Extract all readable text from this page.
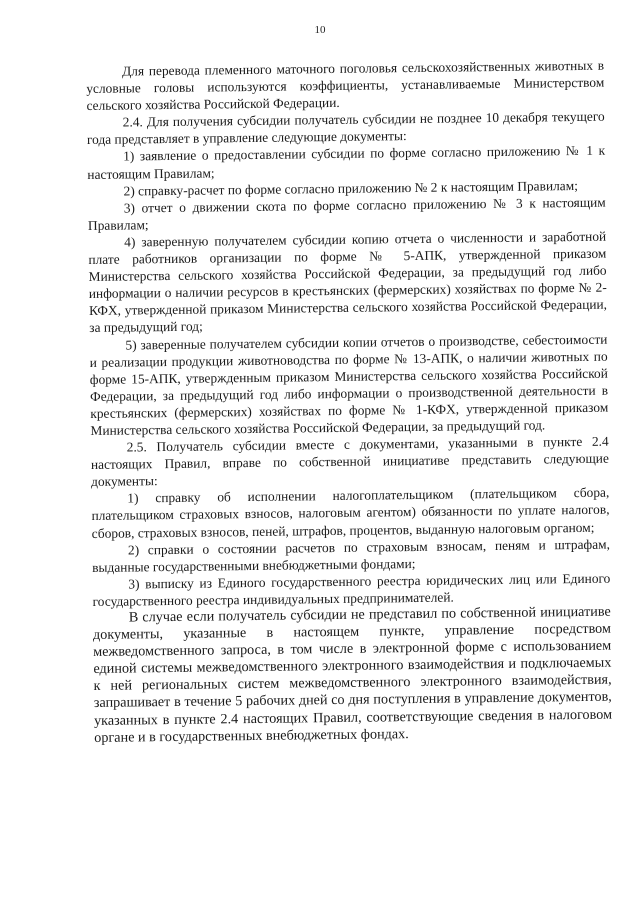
10

Для перевода племенного маточного поголовья сельскохозяйственных животных в условные головы используются коэффициенты, устанавливаемые Министерством сельского хозяйства Российской Федерации.

2.4. Для получения субсидии получатель субсидии не позднее 10 декабря текущего года представляет в управление следующие документы:

1) заявление о предоставлении субсидии по форме согласно приложению № 1 к настоящим Правилам;

2) справку-расчет по форме согласно приложению № 2 к настоящим Правилам;

3) отчет о движении скота по форме согласно приложению № 3 к настоящим Правилам;

4) заверенную получателем субсидии копию отчета о численности и заработной плате работников организации по форме № 5-АПК, утвержденной приказом Министерства сельского хозяйства Российской Федерации, за предыдущий год либо информации о наличии ресурсов в крестьянских (фермерских) хозяйствах по форме № 2-КФХ, утвержденной приказом Министерства сельского хозяйства Российской Федерации, за предыдущий год;

5) заверенные получателем субсидии копии отчетов о производстве, себестоимости и реализации продукции животноводства по форме № 13-АПК, о наличии животных по форме 15-АПК, утвержденным приказом Министерства сельского хозяйства Российской Федерации, за предыдущий год либо информации о производственной деятельности в крестьянских (фермерских) хозяйствах по форме № 1-КФХ, утвержденной приказом Министерства сельского хозяйства Российской Федерации, за предыдущий год.

2.5. Получатель субсидии вместе с документами, указанными в пункте 2.4 настоящих Правил, вправе по собственной инициативе представить следующие документы:

1) справку об исполнении налогоплательщиком (плательщиком сбора, плательщиком страховых взносов, налоговым агентом) обязанности по уплате налогов, сборов, страховых взносов, пеней, штрафов, процентов, выданную налоговым органом;

2) справки о состоянии расчетов по страховым взносам, пеням и штрафам, выданные государственными внебюджетными фондами;

3) выписку из Единого государственного реестра юридических лиц или Единого государственного реестра индивидуальных предпринимателей.

В случае если получатель субсидии не представил по собственной инициативе документы, указанные в настоящем пункте, управление посредством межведомственного запроса, в том числе в электронной форме с использованием единой системы межведомственного электронного взаимодействия и подключаемых к ней региональных систем межведомственного электронного взаимодействия, запрашивает в течение 5 рабочих дней со дня поступления в управление документов, указанных в пункте 2.4 настоящих Правил, соответствующие сведения в налоговом органе и в государственных внебюджетных фондах.
